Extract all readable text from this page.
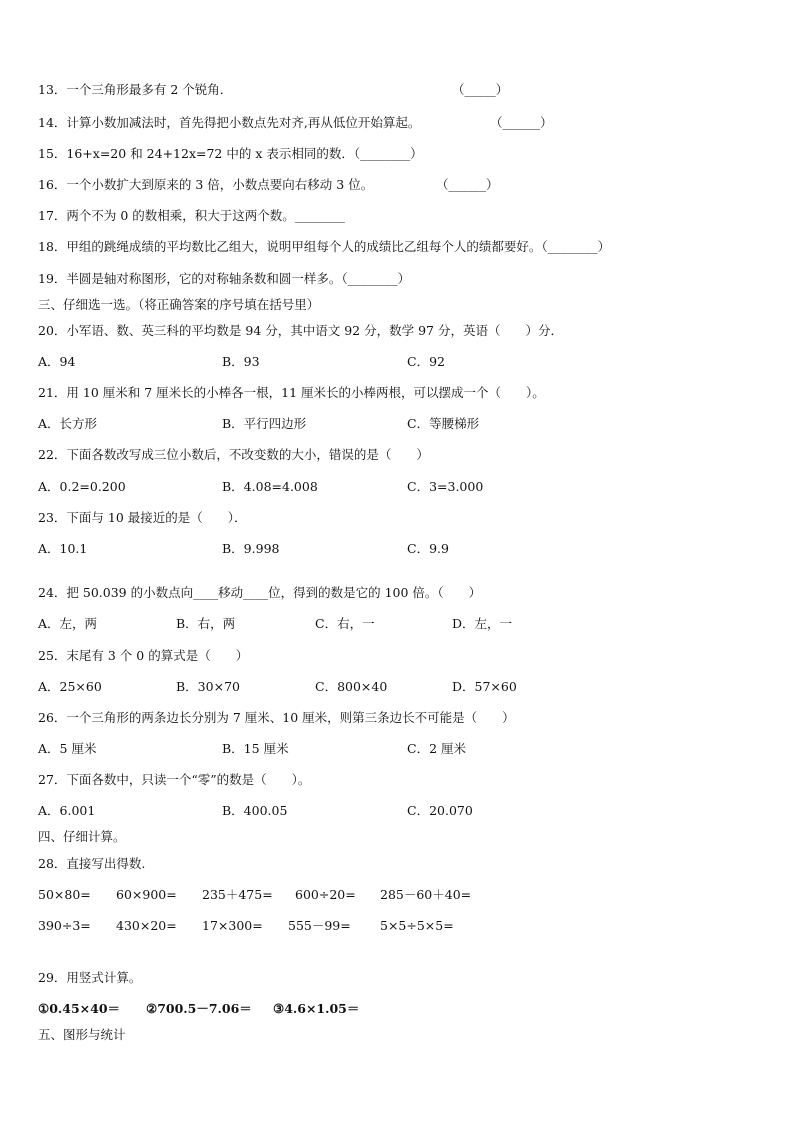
13．一个三角形最多有 2 个锐角．	（_____）
14．计算小数加减法时，首先得把小数点先对齐,再从低位开始算起。	（______）
15．16+x=20 和 24+12x=72 中的 x 表示相同的数．（________）
16．一个小数扩大到原来的 3 倍，小数点要向右移动 3 位。	（______）
17．两个不为 0 的数相乘，积大于这两个数。________
18．甲组的跳绳成绩的平均数比乙组大，说明甲组每个人的成绩比乙组每个人的绩都要好。（________）
19．半圆是轴对称图形，它的对称轴条数和圆一样多。（________）
三、仔细选一选。（将正确答案的序号填在括号里）
20．小军语、数、英三科的平均数是 94 分，其中语文 92 分，数学 97 分，英语（　　）分．
A．94	B．93	C．92
21．用 10 厘米和 7 厘米长的小棒各一根，11 厘米长的小棒两根，可以摆成一个（　　）。
A．长方形	B．平行四边形	C．等腰梯形
22．下面各数改写成三位小数后，不改变数的大小，错误的是（　　）
A．0.2=0.200	B．4.08=4.008	C．3=3.000
23．下面与 10 最接近的是（　　）．
A．10.1	B．9.998	C．9.9
24．把 50.039 的小数点向____移动____位，得到的数是它的 100 倍。（　　）
A．左，两	B．右，两	C．右，一	D．左，一
25．末尾有 3 个 0 的算式是（　　）
A．25×60	B．30×70	C．800×40	D．57×60
26．一个三角形的两条边长分别为 7 厘米、10 厘米，则第三条边长不可能是（　　）
A．5 厘米	B．15 厘米	C．2 厘米
27．下面各数中，只读一个“零”的数是（　　）。
A．6.001	B．400.05	C．20.070
四、仔细计算。
28．直接写出得数.
50×80= 60×900= 235＋475= 600÷20= 285－60＋40=
390÷3= 430×20= 17×300= 555－99= 5×5÷5×5=
29．用竖式计算。
①0.45×40＝ ②700.5－7.06＝ ③4.6×1.05＝
五、图形与统计
